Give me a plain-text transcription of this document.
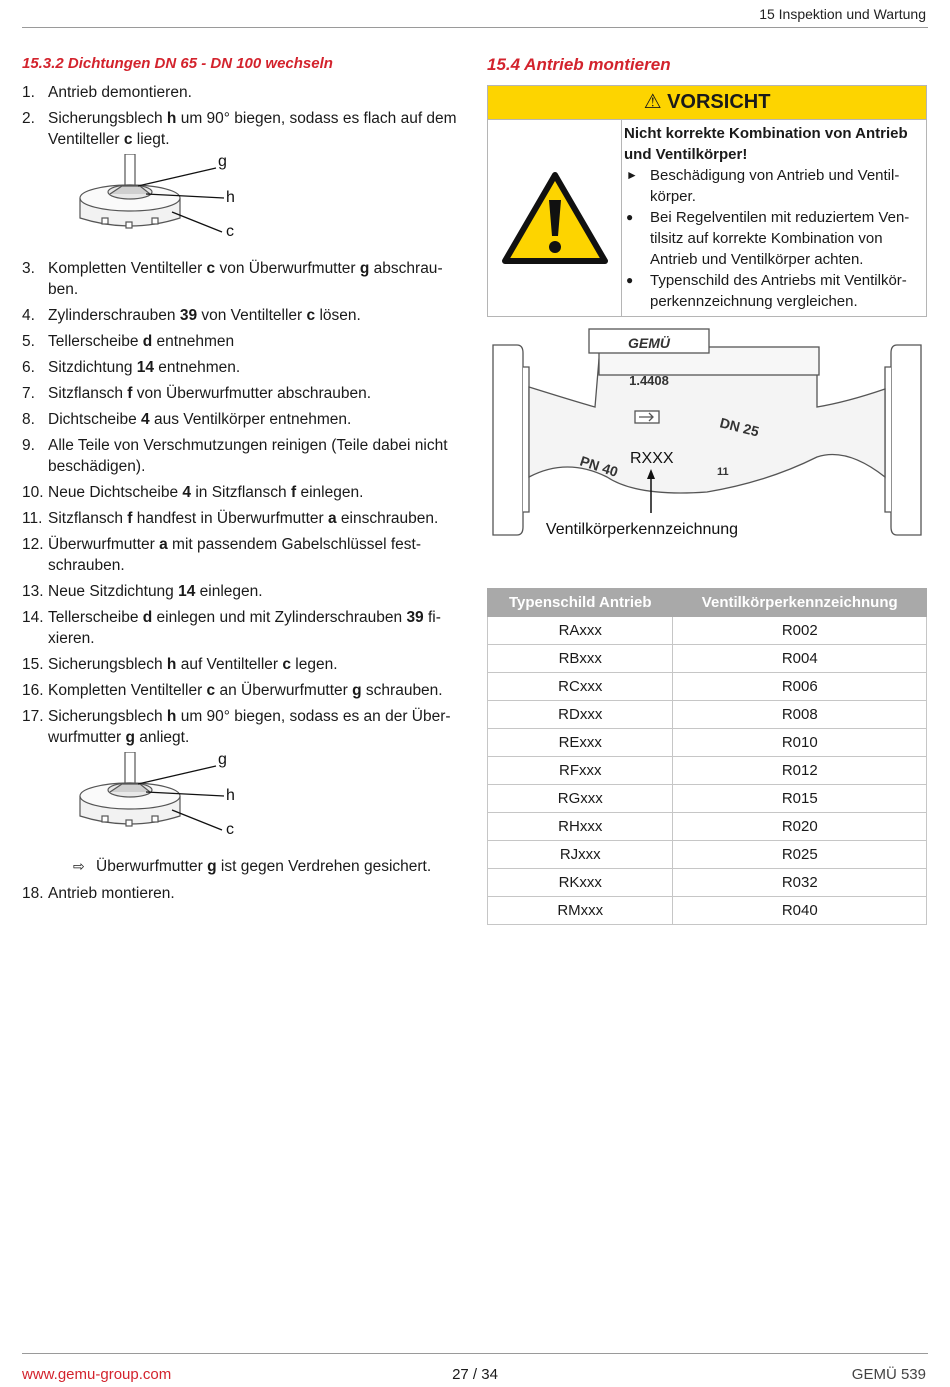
15 Inspektion und Wartung
15.3.2 Dichtungen DN 65 - DN 100 wechseln
1. Antrieb demontieren.
2. Sicherungsblech h um 90° biegen, sodass es flach auf dem Ventilteller c liegt.
g
h
c
3. Kompletten Ventilteller c von Überwurfmutter g abschrauben.
4. Zylinderschrauben 39 von Ventilteller c lösen.
5. Tellerscheibe d entnehmen
6. Sitzdichtung 14 entnehmen.
7. Sitzflansch f von Überwurfmutter abschrauben.
8. Dichtscheibe 4 aus Ventilkörper entnehmen.
9. Alle Teile von Verschmutzungen reinigen (Teile dabei nicht beschädigen).
10. Neue Dichtscheibe 4 in Sitzflansch f einlegen.
11. Sitzflansch f handfest in Überwurfmutter a einschrauben.
12. Überwurfmutter a mit passendem Gabelschlüssel festschrauben.
13. Neue Sitzdichtung 14 einlegen.
14. Tellerscheibe d einlegen und mit Zylinderschrauben 39 fixieren.
15. Sicherungsblech h auf Ventilteller c legen.
16. Kompletten Ventilteller c an Überwurfmutter g schrauben.
17. Sicherungsblech h um 90° biegen, sodass es an der Überwurfmutter g anliegt.
g
h
c
⇨ Überwurfmutter g ist gegen Verdrehen gesichert.
18. Antrieb montieren.
15.4 Antrieb montieren
⚠ VORSICHT
Nicht korrekte Kombination von Antrieb und Ventilkörper!
► Beschädigung von Antrieb und Ventilkörper.
● Bei Regelventilen mit reduziertem Ventilsitz auf korrekte Kombination von Antrieb und Ventilkörper achten.
● Typenschild des Antriebs mit Ventilkörperkennzeichnung vergleichen.
GEMÜ
1.4408
DN 25
PN 40	11
RXXX
Ventilkörperkennzeichnung
Typenschild Antrieb	Ventilkörperkennzeichnung
RAxxx	R002
RBxxx	R004
RCxxx	R006
RDxxx	R008
RExxx	R010
RFxxx	R012
RGxxx	R015
RHxxx	R020
RJxxx	R025
RKxxx	R032
RMxxx	R040
www.gemu-group.com	27 / 34	GEMÜ 539
